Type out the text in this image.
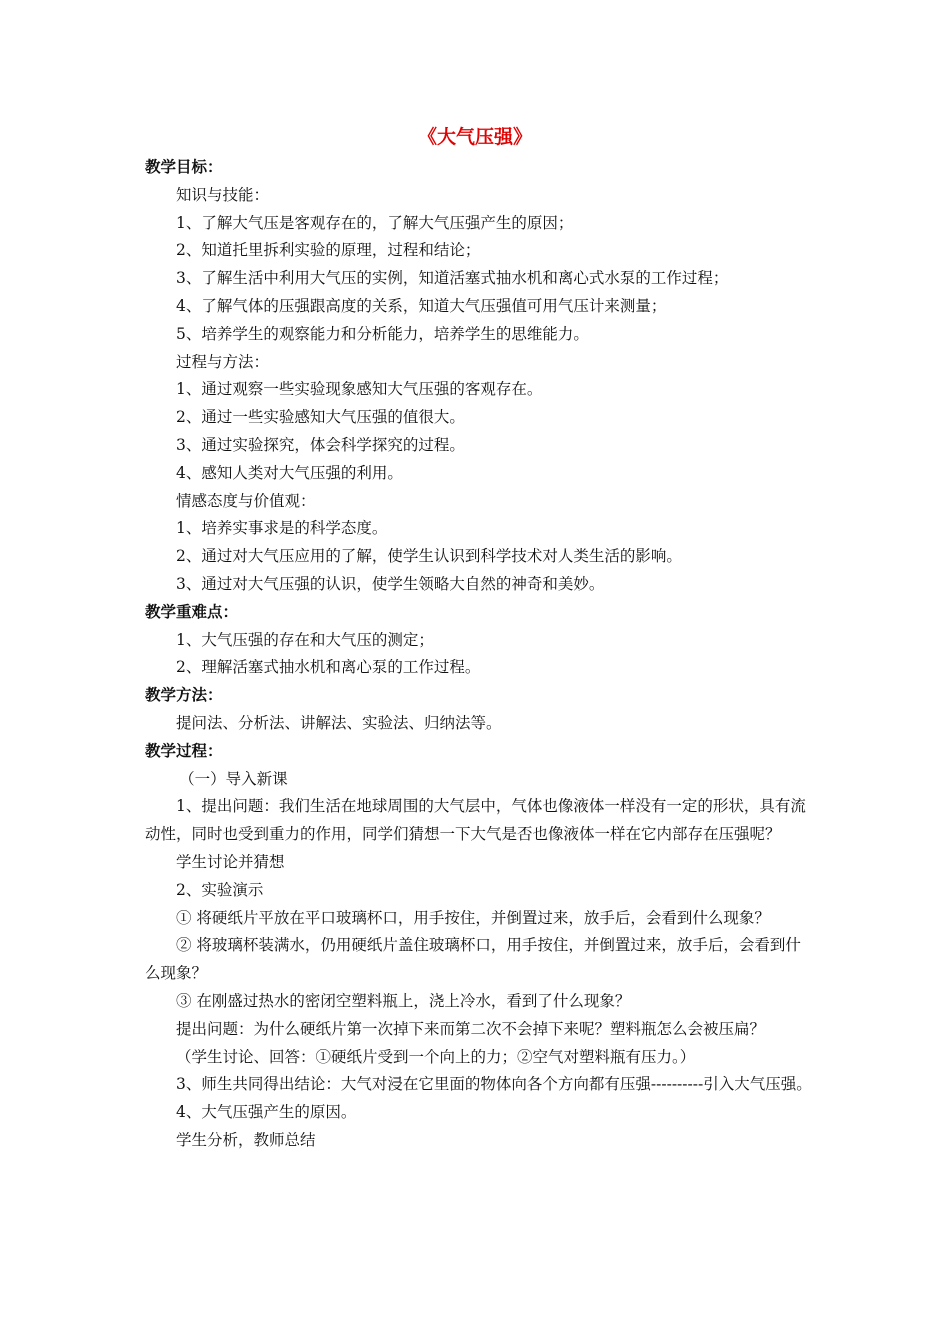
《大气压强》

教学目标：

知识与技能：

1、了解大气压是客观存在的，了解大气压强产生的原因；

2、知道托里拆利实验的原理，过程和结论；

3、了解生活中利用大气压的实例，知道活塞式抽水机和离心式水泵的工作过程；

4、了解气体的压强跟高度的关系，知道大气压强值可用气压计来测量；

5、培养学生的观察能力和分析能力，培养学生的思维能力。

过程与方法：

1、通过观察一些实验现象感知大气压强的客观存在。

2、通过一些实验感知大气压强的值很大。

3、通过实验探究，体会科学探究的过程。

4、感知人类对大气压强的利用。

情感态度与价值观：

1、培养实事求是的科学态度。

2、通过对大气压应用的了解，使学生认识到科学技术对人类生活的影响。

3、通过对大气压强的认识，使学生领略大自然的神奇和美妙。

教学重难点：

1、大气压强的存在和大气压的测定；

2、理解活塞式抽水机和离心泵的工作过程。

教学方法：

提问法、分析法、讲解法、实验法、归纳法等。

教学过程：

（一）导入新课

1、提出问题：我们生活在地球周围的大气层中，气体也像液体一样没有一定的形状，具有流动性，同时也受到重力的作用，同学们猜想一下大气是否也像液体一样在它内部存在压强呢？

学生讨论并猜想

2、实验演示

① 将硬纸片平放在平口玻璃杯口，用手按住，并倒置过来，放手后，会看到什么现象？

② 将玻璃杯装满水，仍用硬纸片盖住玻璃杯口，用手按住，并倒置过来，放手后，会看到什么现象？

③ 在刚盛过热水的密闭空塑料瓶上，浇上冷水，看到了什么现象？

提出问题：为什么硬纸片第一次掉下来而第二次不会掉下来呢？塑料瓶怎么会被压扁？

（学生讨论、回答：①硬纸片受到一个向上的力；②空气对塑料瓶有压力。）

3、师生共同得出结论：大气对浸在它里面的物体向各个方向都有压强----------引入大气压强。

4、大气压强产生的原因。

学生分析，教师总结
